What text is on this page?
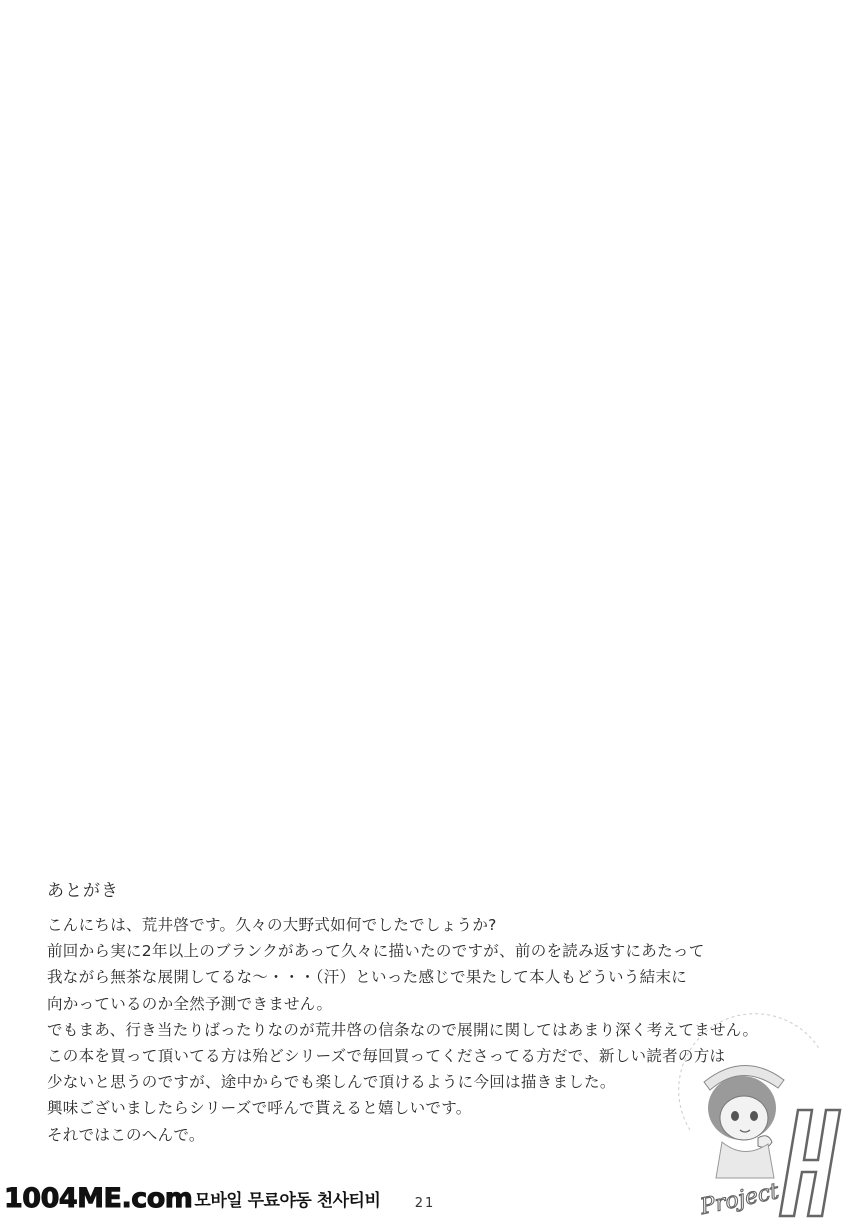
あとがき
こんにちは、荒井啓です。久々の大野式如何でしたでしょうか?
前回から実に2年以上のブランクがあって久々に描いたのですが、前のを読み返すにあたって
我ながら無茶な展開してるな～・・・（汗）といった感じで果たして本人もどういう結末に
向かっているのか全然予測できません。
でもまあ、行き当たりばったりなのが荒井啓の信条なので展開に関してはあまり深く考えてません。
この本を買って頂いてる方は殆どシリーズで毎回買ってくださってる方だで、新しい読者の方は
少ないと思うのですが、途中からでも楽しんで頂けるように今回は描きました。
興味ございましたらシリーズで呼んで貰えると嬉しいです。
それではこのへんで。
Project
21
1004ME.com 모바일 무료야동 천사티비
